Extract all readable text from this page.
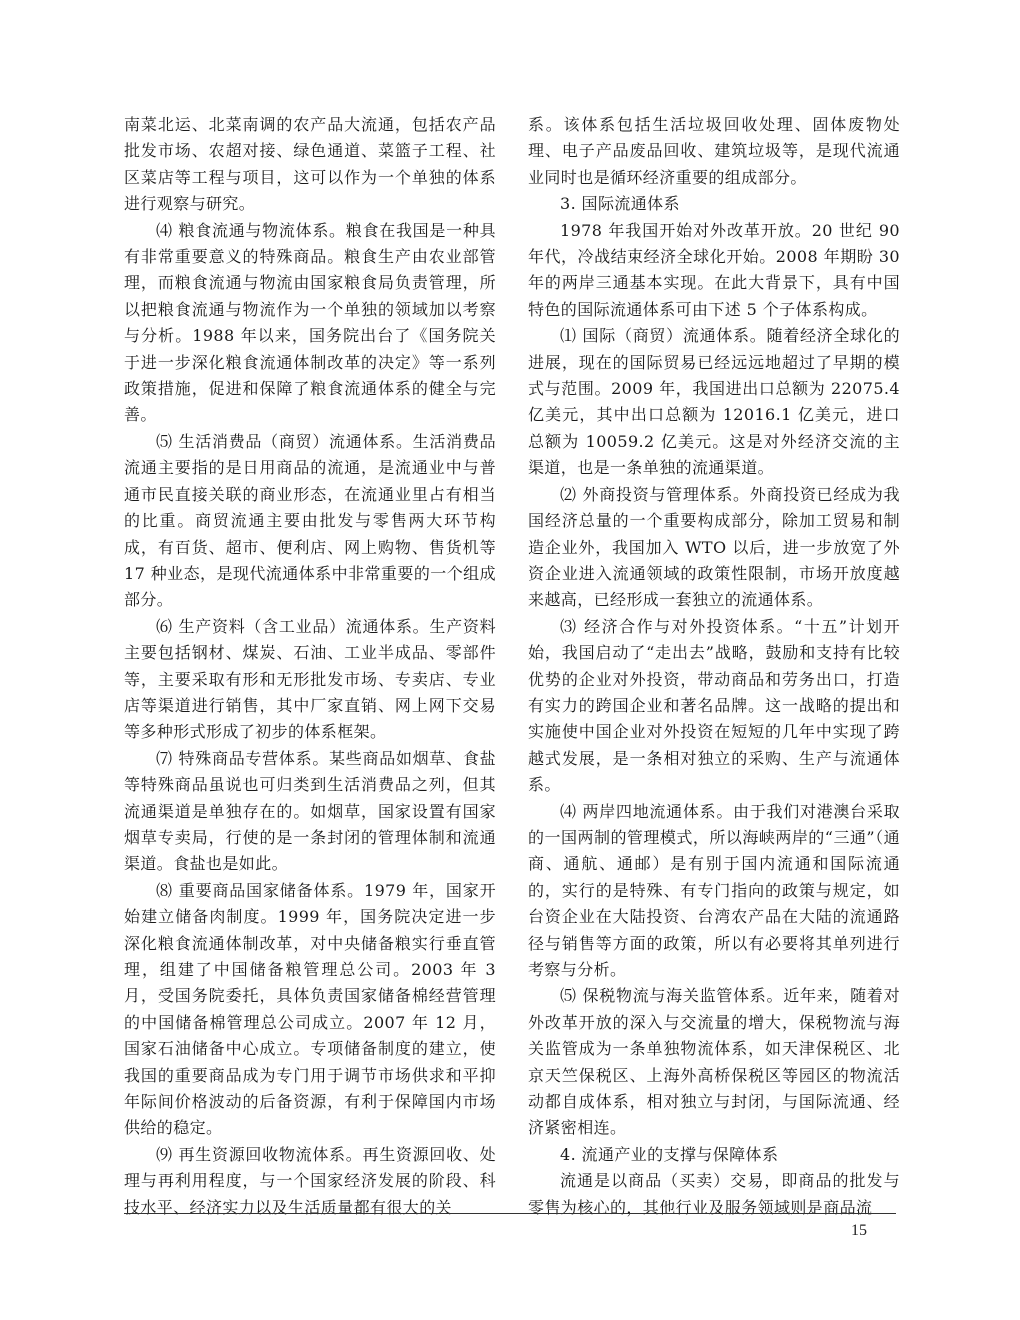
南菜北运、北菜南调的农产品大流通，包括农产品批发市场、农超对接、绿色通道、菜篮子工程、社区菜店等工程与项目，这可以作为一个单独的体系进行观察与研究。

⑷ 粮食流通与物流体系。粮食在我国是一种具有非常重要意义的特殊商品。粮食生产由农业部管理，而粮食流通与物流由国家粮食局负责管理，所以把粮食流通与物流作为一个单独的领域加以考察与分析。1988 年以来，国务院出台了《国务院关于进一步深化粮食流通体制改革的决定》等一系列政策措施，促进和保障了粮食流通体系的健全与完善。

⑸ 生活消费品（商贸）流通体系。生活消费品流通主要指的是日用商品的流通，是流通业中与普通市民直接关联的商业形态，在流通业里占有相当的比重。商贸流通主要由批发与零售两大环节构成，有百货、超市、便利店、网上购物、售货机等 17 种业态，是现代流通体系中非常重要的一个组成部分。

⑹ 生产资料（含工业品）流通体系。生产资料主要包括钢材、煤炭、石油、工业半成品、零部件等，主要采取有形和无形批发市场、专卖店、专业店等渠道进行销售，其中厂家直销、网上网下交易等多种形式形成了初步的体系框架。

⑺ 特殊商品专营体系。某些商品如烟草、食盐等特殊商品虽说也可归类到生活消费品之列，但其流通渠道是单独存在的。如烟草，国家设置有国家烟草专卖局，行使的是一条封闭的管理体制和流通渠道。食盐也是如此。

⑻ 重要商品国家储备体系。1979 年，国家开始建立储备肉制度。1999 年，国务院决定进一步深化粮食流通体制改革，对中央储备粮实行垂直管理，组建了中国储备粮管理总公司。2003 年 3 月，受国务院委托，具体负责国家储备棉经营管理的中国储备棉管理总公司成立。2007 年 12 月，国家石油储备中心成立。专项储备制度的建立，使我国的重要商品成为专门用于调节市场供求和平抑年际间价格波动的后备资源，有利于保障国内市场供给的稳定。

⑼ 再生资源回收物流体系。再生资源回收、处理与再利用程度，与一个国家经济发展的阶段、科技水平、经济实力以及生活质量都有很大的关

系。该体系包括生活垃圾回收处理、固体废物处理、电子产品废品回收、建筑垃圾等，是现代流通业同时也是循环经济重要的组成部分。

3. 国际流通体系

1978 年我国开始对外改革开放。20 世纪 90 年代，冷战结束经济全球化开始。2008 年期盼 30 年的两岸三通基本实现。在此大背景下，具有中国特色的国际流通体系可由下述 5 个子体系构成。

⑴ 国际（商贸）流通体系。随着经济全球化的进展，现在的国际贸易已经远远地超过了早期的模式与范围。2009 年，我国进出口总额为 22075.4 亿美元，其中出口总额为 12016.1 亿美元，进口总额为 10059.2 亿美元。这是对外经济交流的主渠道，也是一条单独的流通渠道。

⑵ 外商投资与管理体系。外商投资已经成为我国经济总量的一个重要构成部分，除加工贸易和制造企业外，我国加入 WTO 以后，进一步放宽了外资企业进入流通领域的政策性限制，市场开放度越来越高，已经形成一套独立的流通体系。

⑶ 经济合作与对外投资体系。“十五”计划开始，我国启动了“走出去”战略，鼓励和支持有比较优势的企业对外投资，带动商品和劳务出口，打造有实力的跨国企业和著名品牌。这一战略的提出和实施使中国企业对外投资在短短的几年中实现了跨越式发展，是一条相对独立的采购、生产与流通体系。

⑷ 两岸四地流通体系。由于我们对港澳台采取的一国两制的管理模式，所以海峡两岸的“三通”（通商、通航、通邮）是有别于国内流通和国际流通的，实行的是特殊、有专门指向的政策与规定，如台资企业在大陆投资、台湾农产品在大陆的流通路径与销售等方面的政策，所以有必要将其单列进行考察与分析。

⑸ 保税物流与海关监管体系。近年来，随着对外改革开放的深入与交流量的增大，保税物流与海关监管成为一条单独物流体系，如天津保税区、北京天竺保税区、上海外高桥保税区等园区的物流活动都自成体系，相对独立与封闭，与国际流通、经济紧密相连。

4. 流通产业的支撑与保障体系

流通是以商品（买卖）交易，即商品的批发与零售为核心的，其他行业及服务领域则是商品流

15
